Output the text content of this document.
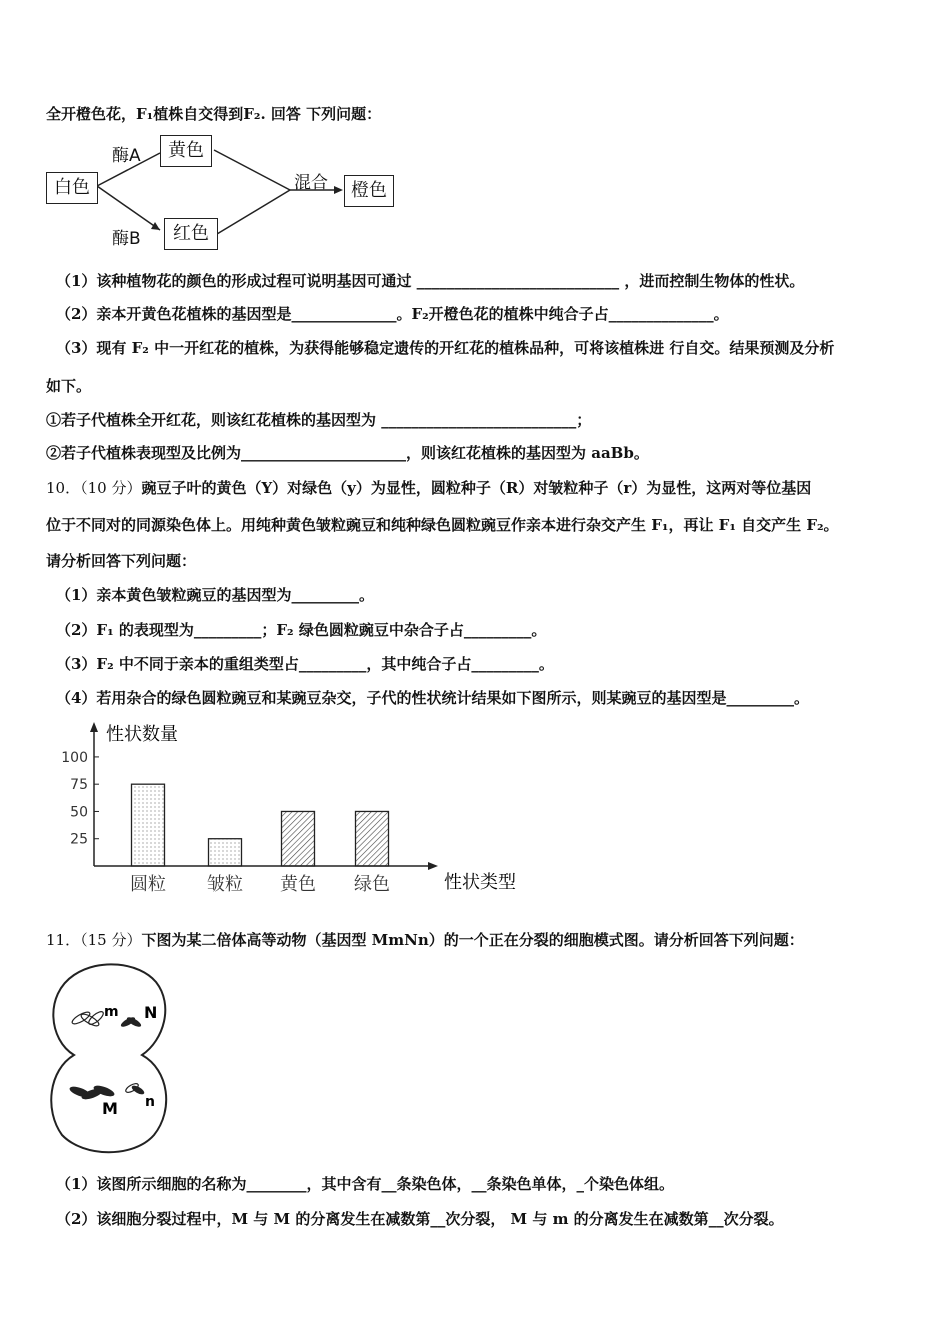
全开橙色花，F₁植株自交得到F₂. 回答 下列问题：
白色
黄色
红色
橙色
酶A
酶B
混合
（1）该种植物花的颜色的形成过程可说明基因可通过 ___________________________ ，进而控制生物体的性状。
（2）亲本开黄色花植株的基因型是______________。F₂开橙色花的植株中纯合子占______________。
（3）现有 F₂ 中一开红花的植株，为获得能够稳定遗传的开红花的植株品种，可将该植株进 行自交。结果预测及分析
如下。
①若子代植株全开红花，则该红花植株的基因型为 __________________________；
②若子代植株表现型及比例为______________________，则该红花植株的基因型为 aaBb。
10．（10 分）豌豆子叶的黄色（Y）对绿色（y）为显性，圆粒种子（R）对皱粒种子（r）为显性，这两对等位基因
位于不同对的同源染色体上。用纯种黄色皱粒豌豆和纯种绿色圆粒豌豆作亲本进行杂交产生 F₁，再让 F₁ 自交产生 F₂。
请分析回答下列问题：
（1）亲本黄色皱粒豌豆的基因型为_________。
（2）F₁ 的表现型为_________；F₂ 绿色圆粒豌豆中杂合子占_________。
（3）F₂ 中不同于亲本的重组类型占_________，其中纯合子占_________。
（4）若用杂合的绿色圆粒豌豆和某豌豆杂交，子代的性状统计结果如下图所示，则某豌豆的基因型是_________。
25
50
75
100
圆粒 皱粒 黄色 绿色
性状数量
性状类型
11．（15 分）下图为某二倍体高等动物（基因型 MmNn）的一个正在分裂的细胞模式图。请分析回答下列问题：
m N
M n
（1）该图所示细胞的名称为________，其中含有__条染色体，__条染色单体，_个染色体组。
（2）该细胞分裂过程中，M 与 M 的分离发生在减数第__次分裂， M 与 m 的分离发生在减数第__次分裂。
